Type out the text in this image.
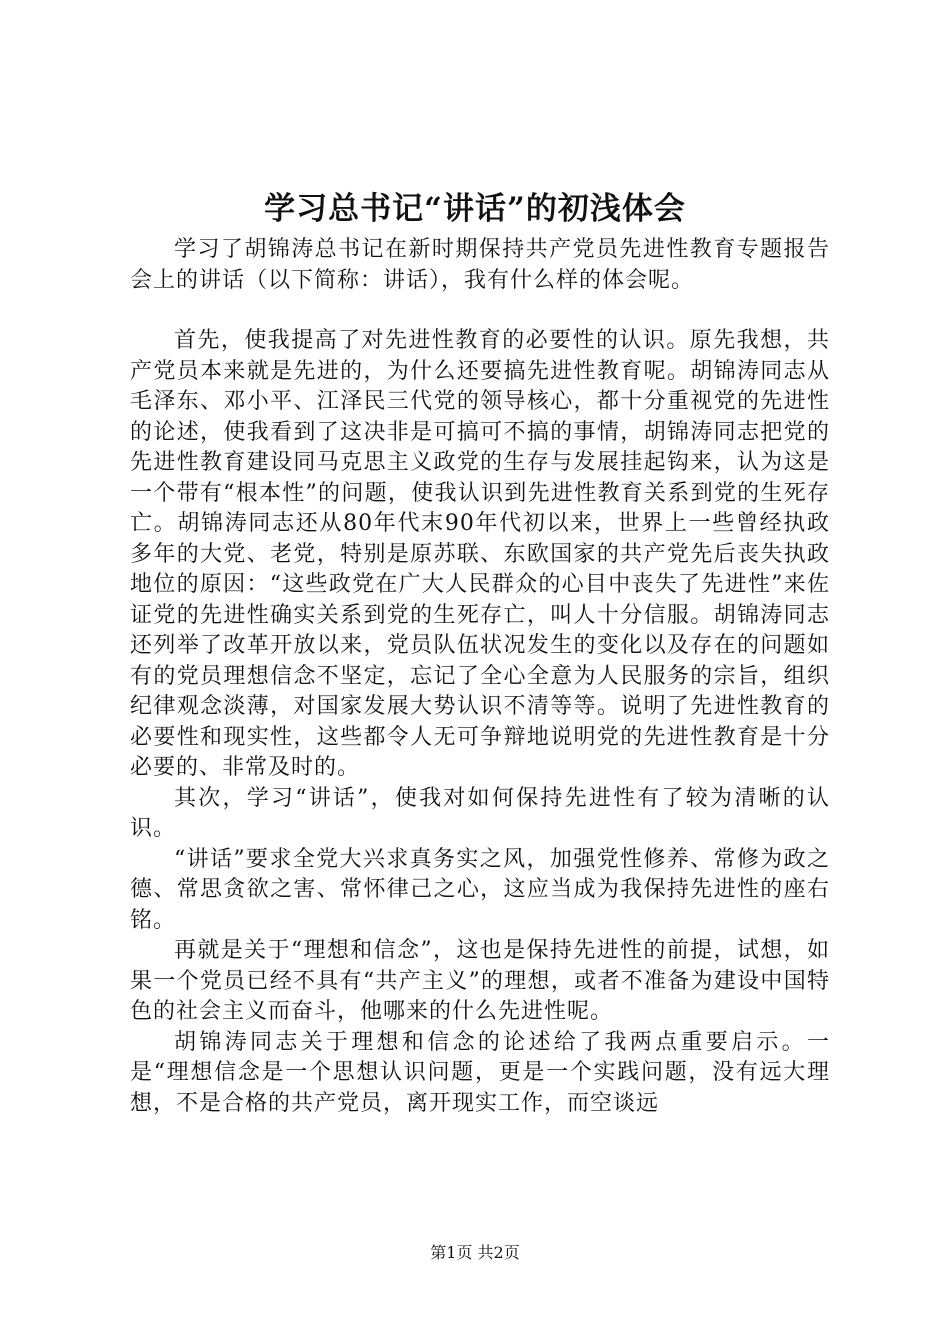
学习总书记“讲话”的初浅体会

学习了胡锦涛总书记在新时期保持共产党员先进性教育专题报告会上的讲话（以下简称：讲话），我有什么样的体会呢。

首先，使我提高了对先进性教育的必要性的认识。原先我想，共产党员本来就是先进的，为什么还要搞先进性教育呢。胡锦涛同志从毛泽东、邓小平、江泽民三代党的领导核心，都十分重视党的先进性的论述，使我看到了这决非是可搞可不搞的事情，胡锦涛同志把党的先进性教育建设同马克思主义政党的生存与发展挂起钩来，认为这是一个带有“根本性”的问题，使我认识到先进性教育关系到党的生死存亡。胡锦涛同志还从80年代末90年代初以来，世界上一些曾经执政多年的大党、老党，特别是原苏联、东欧国家的共产党先后丧失执政地位的原因：“这些政党在广大人民群众的心目中丧失了先进性”来佐证党的先进性确实关系到党的生死存亡，叫人十分信服。胡锦涛同志还列举了改革开放以来，党员队伍状况发生的变化以及存在的问题如有的党员理想信念不坚定，忘记了全心全意为人民服务的宗旨，组织纪律观念淡薄，对国家发展大势认识不清等等。说明了先进性教育的必要性和现实性，这些都令人无可争辩地说明党的先进性教育是十分必要的、非常及时的。

其次，学习“讲话”，使我对如何保持先进性有了较为清晰的认识。

“讲话”要求全党大兴求真务实之风，加强党性修养、常修为政之德、常思贪欲之害、常怀律己之心，这应当成为我保持先进性的座右铭。

再就是关于“理想和信念”，这也是保持先进性的前提，试想，如果一个党员已经不具有“共产主义”的理想，或者不准备为建设中国特色的社会主义而奋斗，他哪来的什么先进性呢。

胡锦涛同志关于理想和信念的论述给了我两点重要启示。一是“理想信念是一个思想认识问题，更是一个实践问题，没有远大理想，不是合格的共产党员，离开现实工作，而空谈远

第1页 共2页
